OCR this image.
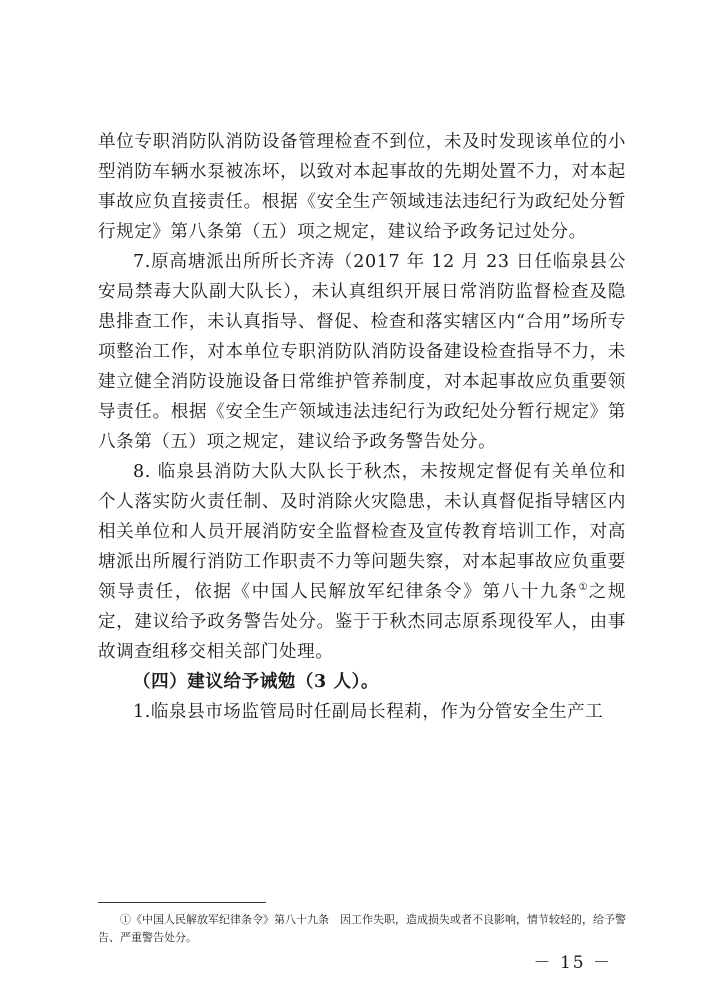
单位专职消防队消防设备管理检查不到位，未及时发现该单位的小型消防车辆水泵被冻坏，以致对本起事故的先期处置不力，对本起事故应负直接责任。根据《安全生产领域违法违纪行为政纪处分暂行规定》第八条第（五）项之规定，建议给予政务记过处分。

7.原高塘派出所所长齐涛（2017 年 12 月 23 日任临泉县公安局禁毒大队副大队长），未认真组织开展日常消防监督检查及隐患排查工作，未认真指导、督促、检查和落实辖区内“合用”场所专项整治工作，对本单位专职消防队消防设备建设检查指导不力，未建立健全消防设施设备日常维护管养制度，对本起事故应负重要领导责任。根据《安全生产领域违法违纪行为政纪处分暂行规定》第八条第（五）项之规定，建议给予政务警告处分。

8. 临泉县消防大队大队长于秋杰，未按规定督促有关单位和个人落实防火责任制、及时消除火灾隐患，未认真督促指导辖区内相关单位和人员开展消防安全监督检查及宣传教育培训工作，对高塘派出所履行消防工作职责不力等问题失察，对本起事故应负重要领导责任，依据《中国人民解放军纪律条令》第八十九条①之规定，建议给予政务警告处分。鉴于于秋杰同志原系现役军人，由事故调查组移交相关部门处理。

（四）建议给予诫勉（3 人）。

1.临泉县市场监管局时任副局长程莉，作为分管安全生产工

①《中国人民解放军纪律条令》第八十九条　因工作失职，造成损失或者不良影响，情节较轻的，给予警告、严重警告处分。
－ 15 －
